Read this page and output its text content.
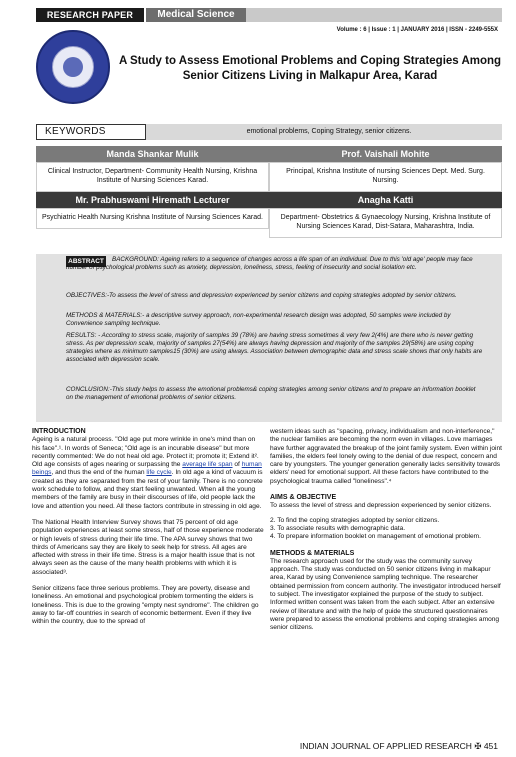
RESEARCH PAPER	Medical Science
Volume : 6 | Issue : 1 | JANUARY 2016 | ISSN - 2249-555X
A Study to Assess Emotional Problems and Coping Strategies Among Senior Citizens Living in Malkapur Area, Karad
KEYWORDS	emotional problems, Coping Strategy, senior citizens.
Manda Shankar Mulik
Clinical Instructor, Department- Community Health Nursing, Krishna Institute of Nursing Sciences Karad.
Prof. Vaishali Mohite
Principal, Krishna Institute of nursing Sciences Dept. Med. Surg. Nursing.
Mr. Prabhuswami Hiremath Lecturer
Psychiatric Health Nursing Krishna Institute of Nursing Sciences Karad.
Anagha Katti
Department- Obstetrics & Gynaecology Nursing, Krishna Institute of Nursing Sciences Karad, Dist-Satara, Maharashtra, India.
ABSTRACT	BACKGROUND: Ageing refers to a sequence of changes across a life span of an individual. Due to this 'old age' people may face number of psychological problems such as anxiety, depression, loneliness, stress, feeling of insecurity and social isolation etc.
OBJECTIVES:-To assess the level of stress and depression experienced by senior citizens and coping strategies adopted by senior citizens.
METHODS & MATERIALS:- a descriptive survey approach, non-experimental research design was adopted, 50 samples were included by Convenience sampling technique.
RESULTS: - According to stress scale, majority of samples 39 (78%) are having stress sometimes & very few 2(4%) are there who is never getting stress. As per depression scale, majority of samples 27(54%) are always having depression and majority of the samples 29(58%) are using coping strategies where as minimum samples15 (30%) are using always. Association between demographic data and stress scale shows that only habits are associated with depression scale.
CONCLUSION:-This study helps to assess the emotional problems& coping strategies among senior citizens and to prepare an information booklet on the management of emotional problems of senior citizens.
INTRODUCTION

Ageing is a natural process. "Old age put more wrinkle in one's mind than on his face".¹. In words of Seneca; "Old age is an incurable disease" but more recently commented: We do not heal old age. Protect it; promote it; Extend it². Old age consists of ages nearing or surpassing the average life span of human beings, and thus the end of the human life cycle. In old age a kind of vacuum is created as they are separated from the rest of your family. There is no concrete work schedule to follow, and they start feeling unwanted. When all the young members of the family are busy in their discourses of life, old people lack the love and attention you need. All these factors contribute in stressing in old age.

The National Health Interview Survey shows that 75 percent of old age population experiences at least some stress, half of those experience moderate or high levels of stress during their life time. The APA survey shows that two thirds of Americans say they are likely to seek help for stress. All ages are affected with stress in their life time. Stress is a major health issue that is not always seen as the cause of the many health problems with which it is associated³.

Senior citizens face three serious problems. They are poverty, disease and loneliness. An emotional and psychological problem tormenting the elders is loneliness. This is due to the growing "empty nest syndrome". The children go away to far-off countries in search of economic betterment. Even if they live within the country, due to the spread of

western ideas such as "spacing, privacy, individualism and non-interference," the nuclear families are becoming the norm even in villages. Love marriages have further aggravated the breakup of the joint family system. Even within joint families, the elders feel lonely owing to the denial of due respect, concern and care by youngsters. The younger generation generally lacks sensitivity towards elders' need for emotional support. All these factors have contributed to the psychological trauma called "loneliness".⁴

AIMS & OBJECTIVE

To assess the level of stress and depression experienced by senior citizens.

2. To find the coping strategies adopted by senior citizens.
3. To associate results with demographic data.
4. To prepare information booklet on management of emotional problem.
METHODS & MATERIALS

The research approach used for the study was the community survey approach. The study was conducted on 50 senior citizens living in malkapur area, Karad by using Convenience sampling technique. The researcher obtained permission from concern authority. The investigator introduced herself to subject. The investigator explained the purpose of the study to subject. Informed written consent was taken from the each subject. After an extensive review of literature and with the help of guide the structured questionnaires were prepared to assess the emotional problems and coping strategies among senior citizens.

INDIAN JOURNAL OF APPLIED RESEARCH ✠ 451
